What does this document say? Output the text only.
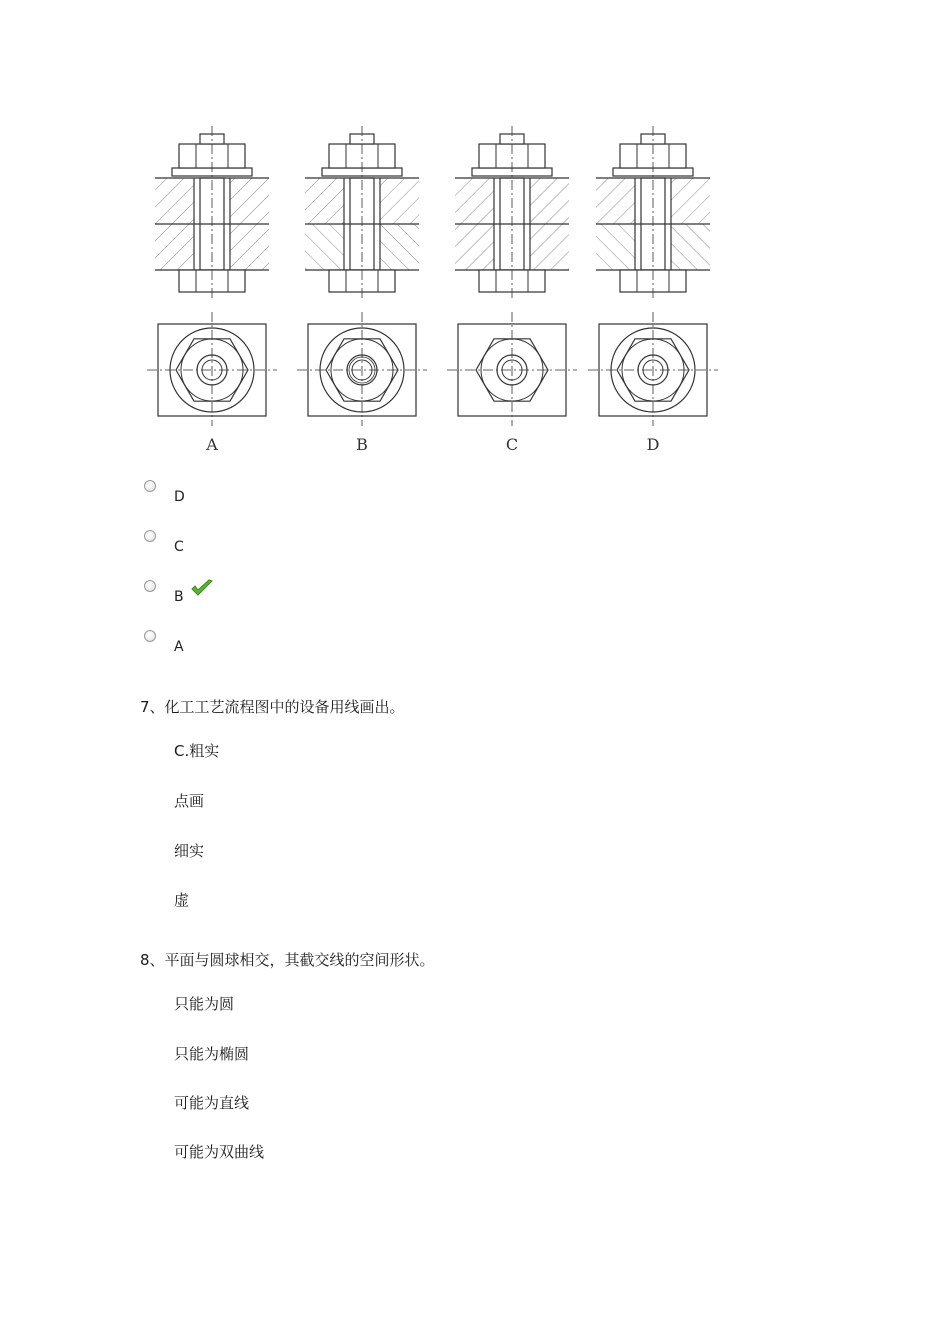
A	B	C	D
D
C
B
A
7、化工工艺流程图中的设备用线画出。
C.粗实
点画
细实
虚
8、平面与圆球相交，其截交线的空间形状。
只能为圆
只能为椭圆
可能为直线
可能为双曲线
